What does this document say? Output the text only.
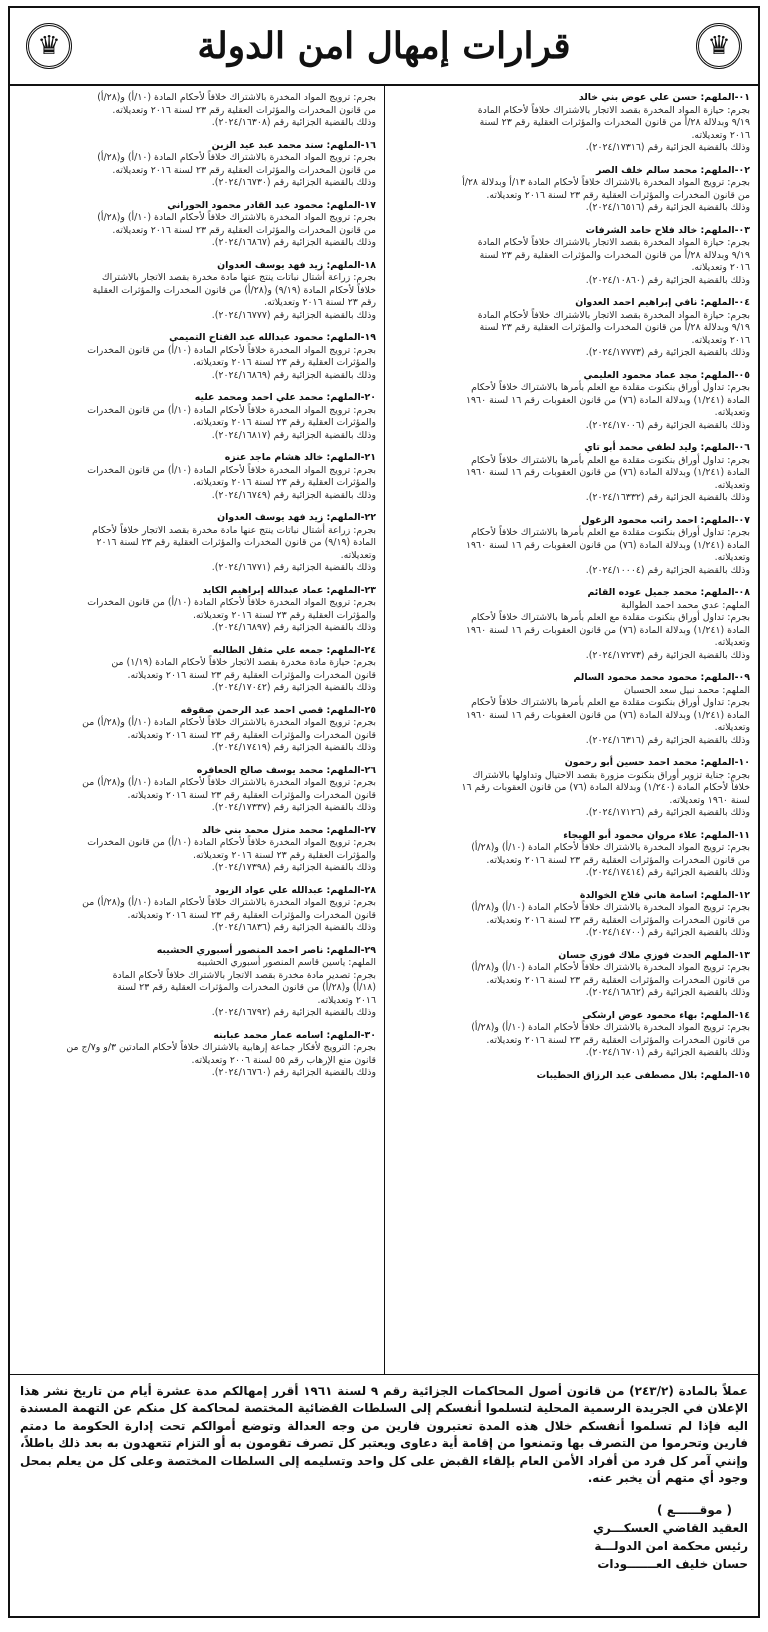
♛
قرارات إمهال امن الدولة
♛
٠١-الملهم: حسن علي عوض بني خالد
بجرم: حيازة المواد المخدرة بقصد الاتجار بالاشتراك خلافاً لأحكام المادة
٩/١٩ وبدلالة ٢٨/أ من قانون المخدرات والمؤثرات العقلية رقم ٢٣ لسنة
٢٠١٦ وتعديلاته.
وذلك بالقضية الجزائية رقم (٢٠٢٤/١٧٣١٦).
٠٢-الملهم: محمد سالم خلف الصر
بجرم: ترويج المواد المخدرة بالاشتراك خلافاً لأحكام المادة ١٣/أ وبدلالة ٢٨/أ
من قانون المخدرات والمؤثرات العقلية رقم ٢٣ لسنة ٢٠١٦ وتعديلاته.
وذلك بالقضية الجزائية رقم (٢٠٢٤/١٦٥١٦).
٠٣-الملهم: خالد فلاح حامد الشرفات
بجرم: حيازة المواد المخدرة بقصد الاتجار بالاشتراك خلافاً لأحكام المادة
٩/١٩ وبدلالة ٢٨/أ من قانون المخدرات والمؤثرات العقلية رقم ٢٣ لسنة
٢٠١٦ وتعديلاته.
وذلك بالقضية الجزائية رقم (٢٠٢٤/١٠٨٦٠).
٠٤-الملهم: نافي إبراهيم احمد العدوان
بجرم: حيازة المواد المخدرة بقصد الاتجار بالاشتراك خلافاً لأحكام المادة
٩/١٩ وبدلالة ٢٨/أ من قانون المخدرات والمؤثرات العقلية رقم ٢٣ لسنة
٢٠١٦ وتعديلاته.
وذلك بالقضية الجزائية رقم (٢٠٢٤/١٧٧٧٣).
٠٥-الملهم: مجد عماد محمود العليمي
بجرم: تداول أوراق بنكنوت مقلدة مع العلم بأمرها بالاشتراك خلافاً لأحكام
المادة (١/٢٤١) وبدلالة المادة (٧٦) من قانون العقوبات رقم ١٦ لسنة ١٩٦٠
وتعديلاته.
وذلك بالقضية الجزائية رقم (٢٠٢٤/١٧٠٠٦).
٠٦-الملهم: وليد لطفي محمد أبو تاي
بجرم: تداول أوراق بنكنوت مقلدة مع العلم بأمرها بالاشتراك خلافاً لأحكام
المادة (١/٢٤١) وبدلالة المادة (٧٦) من قانون العقوبات رقم ١٦ لسنة ١٩٦٠
وتعديلاته.
وذلك بالقضية الجزائية رقم (٢٠٢٤/١٦٣٣٢).
٠٧-الملهم: احمد راتب محمود الزغول
بجرم: تداول أوراق بنكنوت مقلدة مع العلم بأمرها بالاشتراك خلافاً لأحكام
المادة (١/٢٤١) وبدلالة المادة (٧٦) من قانون العقوبات رقم ١٦ لسنة ١٩٦٠
وتعديلاته.
وذلك بالقضية الجزائية رقم (٢٠٢٤/١٠٠٠٤).
٠٨-الملهم: محمد جميل عوده القائم
الملهم: عدي محمد احمد الطوالبة
بجرم: تداول أوراق بنكنوت مقلدة مع العلم بأمرها بالاشتراك خلافاً لأحكام
المادة (١/٢٤١) وبدلالة المادة (٧٦) من قانون العقوبات رقم ١٦ لسنة ١٩٦٠
وتعديلاته.
وذلك بالقضية الجزائية رقم (٢٠٢٤/١٧٢٧٣).
٠٩-الملهم: محمود محمد محمود السالم
الملهم: محمد نبيل سعد الحسبان
بجرم: تداول أوراق بنكنوت مقلدة مع العلم بأمرها بالاشتراك خلافاً لأحكام
المادة (١/٢٤١) وبدلالة المادة (٧٦) من قانون العقوبات رقم ١٦ لسنة ١٩٦٠
وتعديلاته.
وذلك بالقضية الجزائية رقم (٢٠٢٤/١٦٣١٦).
١٠-الملهم: محمد احمد حسين أبو رحمون
بجرم: جناية تزوير أوراق بنكنوت مزورة بقصد الاحتيال وتداولها بالاشتراك
خلافاً لأحكام المادة (١/٢٤٠) وبدلالة المادة (٧٦) من قانون العقوبات رقم ١٦
لسنة ١٩٦٠ وتعديلاته.
وذلك بالقضية الجزائية رقم (٢٠٢٤/١٧١٢٦).
١١-الملهم: علاء مروان محمود أبو الهيجاء
بجرم: ترويج المواد المخدرة بالاشتراك خلافاً لأحكام المادة (١٠/أ) و(٢٨/أ)
من قانون المخدرات والمؤثرات العقلية رقم ٢٣ لسنة ٢٠١٦ وتعديلاته.
وذلك بالقضية الجزائية رقم (٢٠٢٤/١٧٤١٤).
١٢-الملهم: اسامة هاني فلاح الخوالدة
بجرم: ترويج المواد المخدرة بالاشتراك خلافاً لأحكام المادة (١٠/أ) و(٢٨/أ)
من قانون المخدرات والمؤثرات العقلية رقم ٢٣ لسنة ٢٠١٦ وتعديلاته.
وذلك بالقضية الجزائية رقم (٢٠٢٤/١٤٧٠٠).
١٣-الملهم الحدث فوزي ملاك فوزي حسان
بجرم: ترويج المواد المخدرة بالاشتراك خلافاً لأحكام المادة (١٠/أ) و(٢٨/أ)
من قانون المخدرات والمؤثرات العقلية رقم ٢٣ لسنة ٢٠١٦ وتعديلاته.
وذلك بالقضية الجزائية رقم (٢٠٢٤/١٦٨٦٢).
١٤-الملهم: بهاء محمود عوض ارشكى
بجرم: ترويج المواد المخدرة بالاشتراك خلافاً لأحكام المادة (١٠/أ) و(٢٨/أ)
من قانون المخدرات والمؤثرات العقلية رقم ٢٣ لسنة ٢٠١٦ وتعديلاته.
وذلك بالقضية الجزائية رقم (٢٠٢٤/١٦٧٠١).
١٥-الملهم: بلال مصطفى عبد الرزاق الحطيبات
بجرم: ترويج المواد المخدرة بالاشتراك خلافاً لأحكام المادة (١٠/أ) و(٢٨/أ)
من قانون المخدرات والمؤثرات العقلية رقم ٢٣ لسنة ٢٠١٦ وتعديلاته.
وذلك بالقضية الجزائية رقم (٢٠٢٤/١٦٣٠٨).
١٦-الملهم: سند محمد عبد عيد الزبن
بجرم: ترويج المواد المخدرة بالاشتراك خلافاً لأحكام المادة (١٠/أ) و(٢٨/أ)
من قانون المخدرات والمؤثرات العقلية رقم ٢٣ لسنة ٢٠١٦ وتعديلاته.
وذلك بالقضية الجزائية رقم (٢٠٢٤/١٦٧٣٠).
١٧-الملهم: محمود عبد القادر محمود الحوراني
بجرم: ترويج المواد المخدرة بالاشتراك خلافاً لأحكام المادة (١٠/أ) و(٢٨/أ)
من قانون المخدرات والمؤثرات العقلية رقم ٢٣ لسنة ٢٠١٦ وتعديلاته.
وذلك بالقضية الجزائية رقم (٢٠٢٤/١٦٨٦٧).
١٨-الملهم: زيد فهد يوسف العدوان
بجرم: زراعة أشتال نباتات ينتج عنها مادة مخدرة بقصد الاتجار بالاشتراك
خلافاً لأحكام المادة (٩/١٩) و(٢٨/أ) من قانون المخدرات والمؤثرات العقلية
رقم ٢٣ لسنة ٢٠١٦ وتعديلاته.
وذلك بالقضية الجزائية رقم (٢٠٢٤/١٦٧٧٧).
١٩-الملهم: محمود عبدالله عبد الفتاح التميمي
بجرم: ترويج المواد المخدرة خلافاً لأحكام المادة (١٠/أ) من قانون المخدرات
والمؤثرات العقلية رقم ٢٣ لسنة ٢٠١٦ وتعديلاته.
وذلك بالقضية الجزائية رقم (٢٠٢٤/١٦٨٦٩).
٢٠-الملهم: محمد علي احمد ومحمد عليه
بجرم: ترويج المواد المخدرة خلافاً لأحكام المادة (١٠/أ) من قانون المخدرات
والمؤثرات العقلية رقم ٢٣ لسنة ٢٠١٦ وتعديلاته.
وذلك بالقضية الجزائية رقم (٢٠٢٤/١٦٨١٧).
٢١-الملهم: خالد هشام ماجد عنزه
بجرم: ترويج المواد المخدرة خلافاً لأحكام المادة (١٠/أ) من قانون المخدرات
والمؤثرات العقلية رقم ٢٣ لسنة ٢٠١٦ وتعديلاته.
وذلك بالقضية الجزائية رقم (٢٠٢٤/١٦٧٤٩).
٢٢-الملهم: زيد فهد يوسف العدوان
بجرم: زراعة أشتال نباتات ينتج عنها مادة مخدرة بقصد الاتجار خلافاً لأحكام
المادة (٩/١٩) من قانون المخدرات والمؤثرات العقلية رقم ٢٣ لسنة ٢٠١٦
وتعديلاته.
وذلك بالقضية الجزائية رقم (٢٠٢٤/١٦٧٧١).
٢٣-الملهم: عماد عبدالله إبراهيم الكايد
بجرم: ترويج المواد المخدرة خلافاً لأحكام المادة (١٠/أ) من قانون المخدرات
والمؤثرات العقلية رقم ٢٣ لسنة ٢٠١٦ وتعديلاته.
وذلك بالقضية الجزائية رقم (٢٠٢٤/١٦٨٩٧).
٢٤-الملهم: جمعه علي مثقل الطالبه
بجرم: حيازة مادة مخدرة بقصد الاتجار خلافاً لأحكام المادة (١/١٩) من
قانون المخدرات والمؤثرات العقلية رقم ٢٣ لسنة ٢٠١٦ وتعديلاته.
وذلك بالقضية الجزائية رقم (٢٠٢٤/١٧٠٤٢).
٢٥-الملهم: قصي احمد عبد الرحمن صقوقه
بجرم: ترويج المواد المخدرة بالاشتراك خلافاً لأحكام المادة (١٠/أ) و(٢٨/أ) من
قانون المخدرات والمؤثرات العقلية رقم ٢٣ لسنة ٢٠١٦ وتعديلاته.
وذلك بالقضية الجزائية رقم (٢٠٢٤/١٧٤١٩).
٢٦-الملهم: محمد يوسف صالح الحعافره
بجرم: ترويج المواد المخدرة بالاشتراك خلافاً لأحكام المادة (١٠/أ) و(٢٨/أ) من
قانون المخدرات والمؤثرات العقلية رقم ٢٣ لسنة ٢٠١٦ وتعديلاته.
وذلك بالقضية الجزائية رقم (٢٠٢٤/١٧٣٣٧).
٢٧-الملهم: محمد منزل محمد بني خالد
بجرم: ترويج المواد المخدرة خلافاً لأحكام المادة (١٠/أ) من قانون المخدرات
والمؤثرات العقلية رقم ٢٣ لسنة ٢٠١٦ وتعديلاته.
وذلك بالقضية الجزائية رقم (٢٠٢٤/١٧٣٩٨).
٢٨-الملهم: عبدالله علي عواد الزيود
بجرم: ترويج المواد المخدرة بالاشتراك خلافاً لأحكام المادة (١٠/أ) و(٢٨/أ) من
قانون المخدرات والمؤثرات العقلية رقم ٢٣ لسنة ٢٠١٦ وتعديلاته.
وذلك بالقضية الجزائية رقم (٢٠٢٤/١٦٨٣٦).
٢٩-الملهم: ناصر احمد المنصور أسبوري الحشيبه
الملهم: ياسين قاسم المنصور أسبوري الحشيبه
بجرم: تصدير مادة مخدرة بقصد الاتجار بالاشتراك خلافاً لأحكام المادة
(١٨/أ) و(٢٨/أ) من قانون المخدرات والمؤثرات العقلية رقم ٢٣ لسنة
٢٠١٦ وتعديلاته.
وذلك بالقضية الجزائية رقم (٢٠٢٤/١٦٧٩٢).
٣٠-الملهم: اسامه عمار محمد عبابنه
بجرم: الترويج لأفكار جماعة إرهابية بالاشتراك خلافاً لأحكام المادتين ٣/و و٧/ج من
قانون منع الإرهاب رقم ٥٥ لسنة ٢٠٠٦ وتعديلاته.
وذلك بالقضية الجزائية رقم (٢٠٢٤/١٦٧٦٠).
عملاً بالمادة (٢٤٣/٢) من قانون أصول المحاكمات الجزائية رقم ٩ لسنة ١٩٦١ أقرر إمهالكم مدة عشرة أيام من تاريخ نشر هذا الإعلان في الجريدة الرسمية المحلية لتسلموا أنفسكم إلى السلطات القضائية المختصة لمحاكمة كل منكم عن التهمة المسندة اليه فإذا لم تسلموا أنفسكم خلال هذه المدة تعتبرون فارين من وجه العدالة وتوضع أموالكم تحت إدارة الحكومة ما دمتم فارين وتحرموا من التصرف بها وتمنعوا من إقامة أية دعاوى ويعتبر كل تصرف تقومون به أو التزام تتعهدون به بعد ذلك باطلاً، وإنني آمر كل فرد من أفراد الأمن العام بإلقاء القبض على كل واحد وتسليمه إلى السلطات المختصة وعلى كل من يعلم بمحل وجود أي متهم أن يخبر عنه.
( موقــــــع )
العقيد القاضي العسكـــري
رئيس محكمة امن الدولـــة
حسان خليف العـــــــودات
